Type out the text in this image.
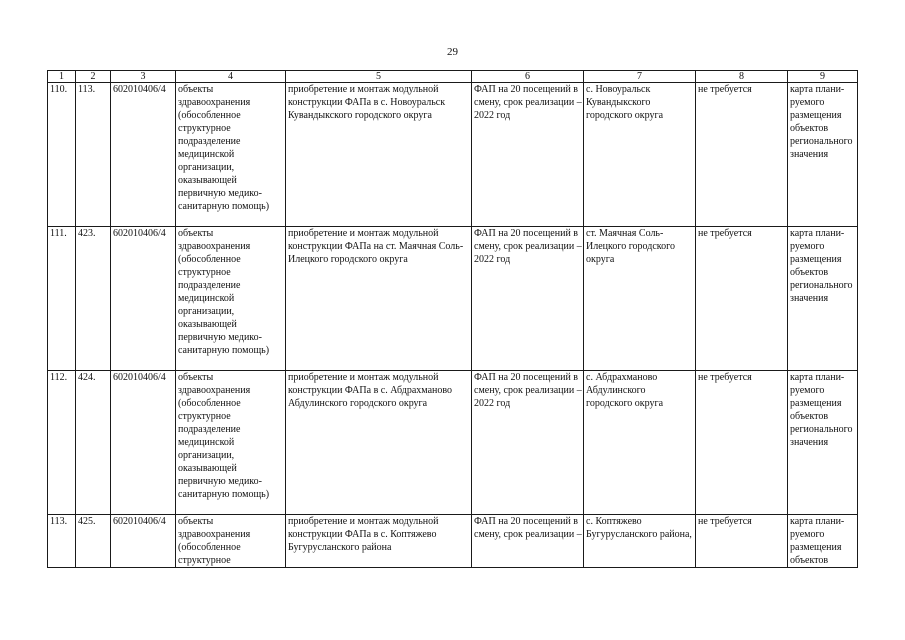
29
1	2	3	4	5	6	7	8	9
110.	113.	602010406/4	объекты здравоохранения (обособленное структурное подразделение медицинской организации, оказывающей первичную медико-санитарную помощь)	приобретение и монтаж модульной конструкции ФАПа в с. Новоуральск Кувандыкского городского округа	ФАП на 20 посещений в смену, срок реализации – 2022 год	с. Новоуральск Кувандыкского городского округа	не требуется	карта плани-руемого размещения объектов регионального значения
111.	423.	602010406/4	объекты здравоохранения (обособленное структурное подразделение медицинской организации, оказывающей первичную медико-санитарную помощь)	приобретение и монтаж модульной конструкции ФАПа на ст. Маячная Соль-Илецкого городского округа	ФАП на 20 посещений в смену, срок реализации – 2022 год	ст. Маячная Соль-Илецкого городского округа	не требуется	карта плани-руемого размещения объектов регионального значения
112.	424.	602010406/4	объекты здравоохранения (обособленное структурное подразделение медицинской организации, оказывающей первичную медико-санитарную помощь)	приобретение и монтаж модульной конструкции ФАПа в с. Абдрахманово Абдулинского городского округа	ФАП на 20 посещений в смену, срок реализации – 2022 год	с. Абдрахманово Абдулинского городского округа	не требуется	карта плани-руемого размещения объектов регионального значения

113.	425.	602010406/4	объекты здравоохранения (обособленное структурное	приобретение и монтаж модульной конструкции ФАПа в с. Коптяжево Бугурусланского района	ФАП на 20 посещений в смену, срок реализации –	с. Коптяжево Бугурусланского района,	не требуется	карта плани-руемого размещения объектов
